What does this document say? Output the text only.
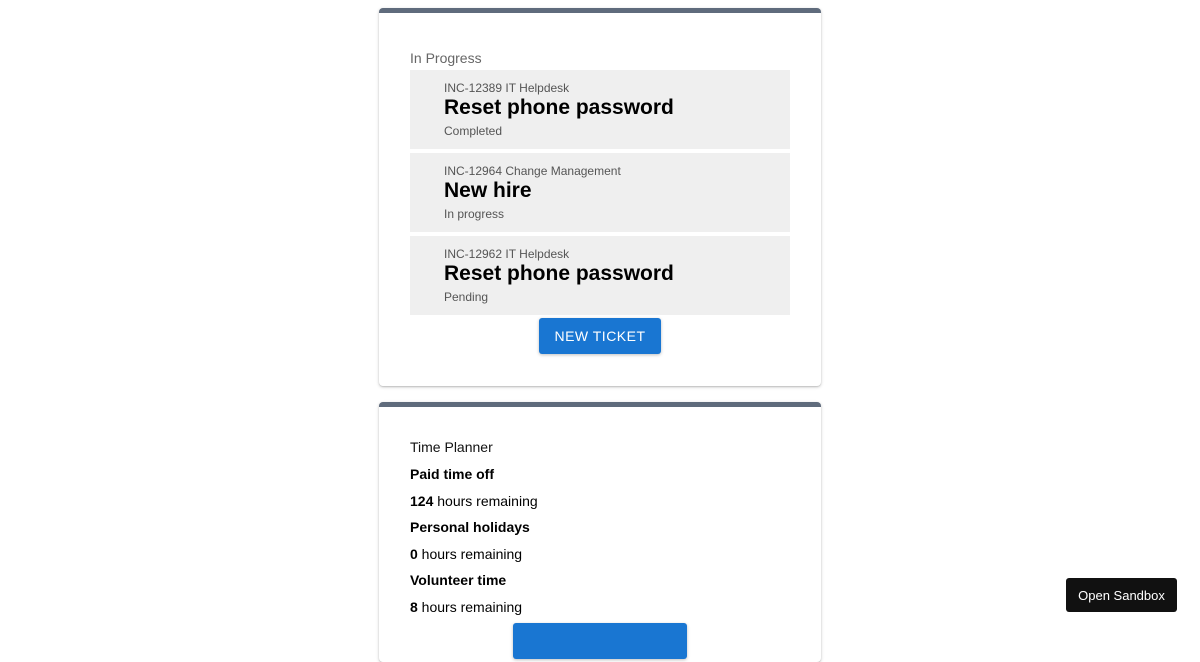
In Progress
INC-12389 IT Helpdesk
Reset phone password
Completed
INC-12964 Change Management
New hire
In progress
INC-12962 IT Helpdesk
Reset phone password
Pending
NEW TICKET
Time Planner
Paid time off
124 hours remaining
Personal holidays
0 hours remaining
Volunteer time
8 hours remaining
Open Sandbox
